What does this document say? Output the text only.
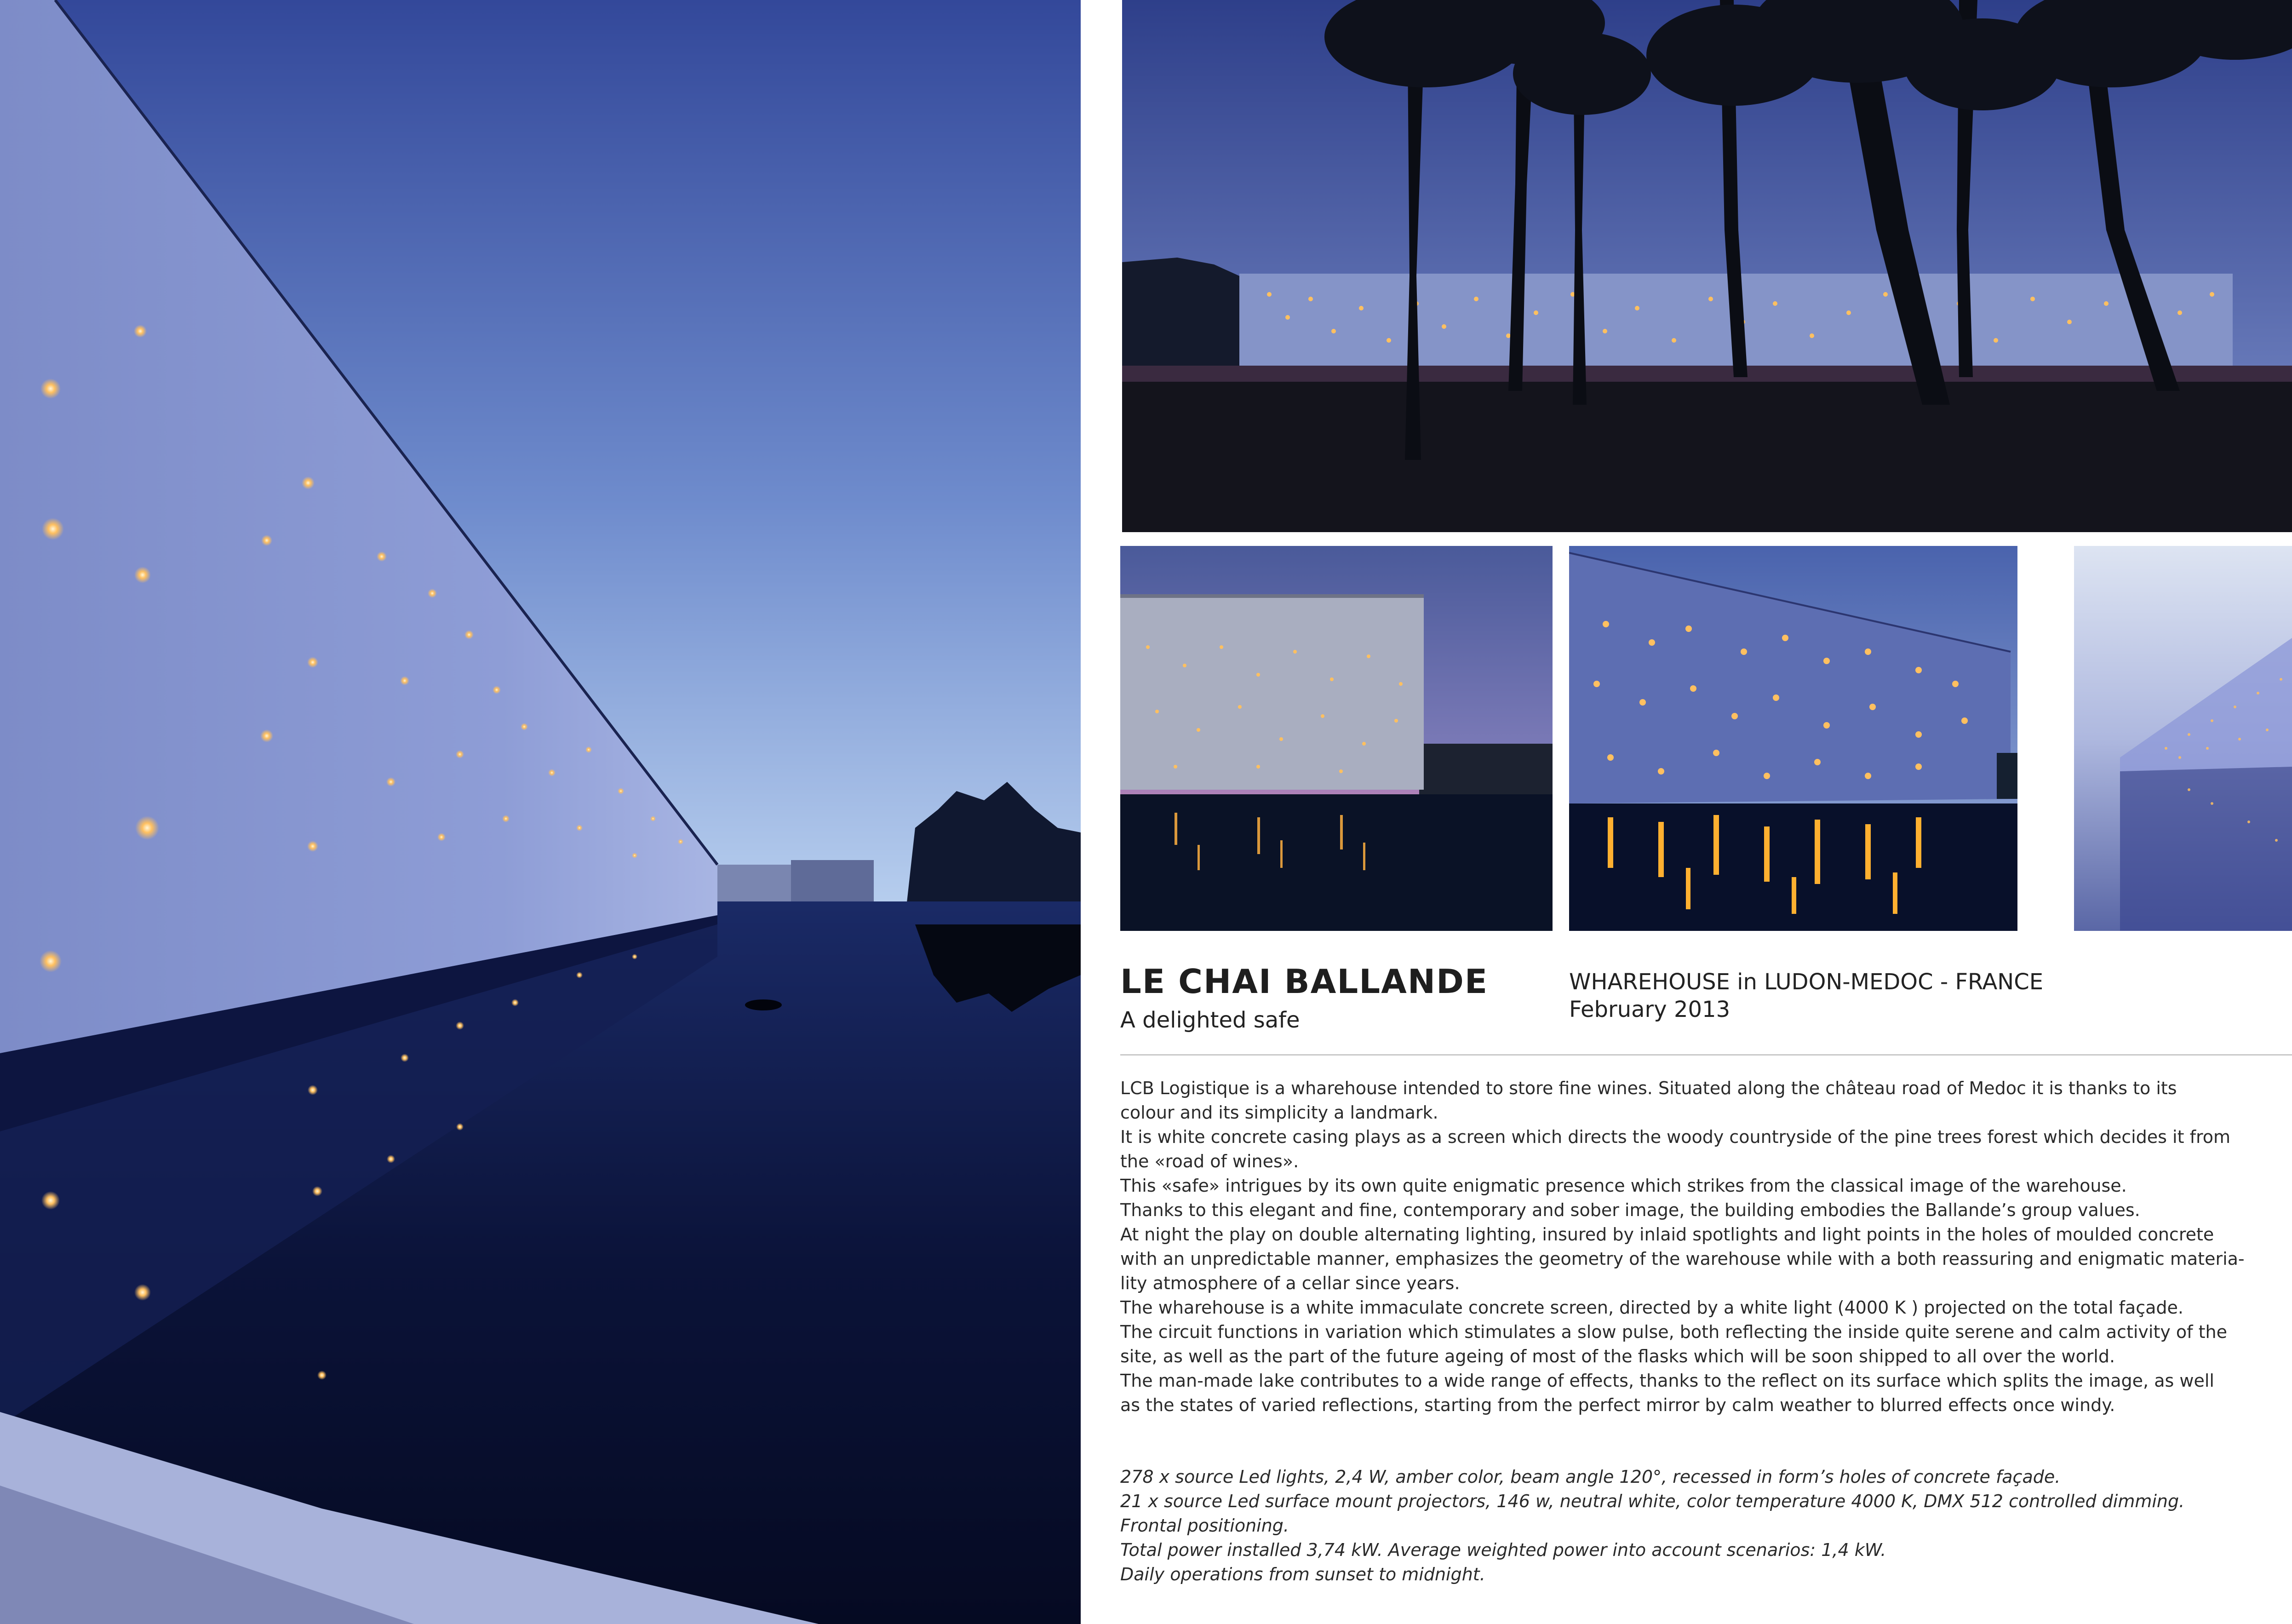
LE CHAI BALLANDE
A delighted safe
WHAREHOUSE in LUDON-MEDOC - FRANCE
February 2013

LCB Logistique is a wharehouse intended to store fine wines. Situated along the château road of Medoc it is thanks to its

colour and its simplicity a landmark.

It is white concrete casing plays as a screen which directs the woody countryside of the pine trees forest which decides it from

the «road of wines».

This «safe» intrigues by its own quite enigmatic presence which strikes from the classical image of the warehouse.

Thanks to this elegant and fine, contemporary and sober image, the building embodies the Ballande’s group values.

At night the play on double alternating lighting, insured by inlaid spotlights and light points in the holes of moulded concrete

with an unpredictable manner, emphasizes the geometry of the warehouse while with a both reassuring and enigmatic materia-

lity atmosphere of a cellar since years.

The wharehouse is a white immaculate concrete screen, directed by a white light (4000 K ) projected on the total façade.

The circuit functions in variation which stimulates a slow pulse, both reflecting the inside quite serene and calm activity of the

site, as well as the part of the future ageing of most of the flasks which will be soon shipped to all over the world.

The man-made lake contributes to a wide range of effects, thanks to the reflect on its surface which splits the image, as well

as the states of varied reflections, starting from the perfect mirror by calm weather to blurred effects once windy.

278 x source Led lights, 2,4 W, amber color, beam angle 120°, recessed in form’s holes of concrete façade.

21 x source Led surface mount projectors, 146 w, neutral white, color temperature 4000 K, DMX 512 controlled dimming.

Frontal positioning.

Total power installed 3,74 kW. Average weighted power into account scenarios: 1,4 kW.

Daily operations from sunset to midnight.
